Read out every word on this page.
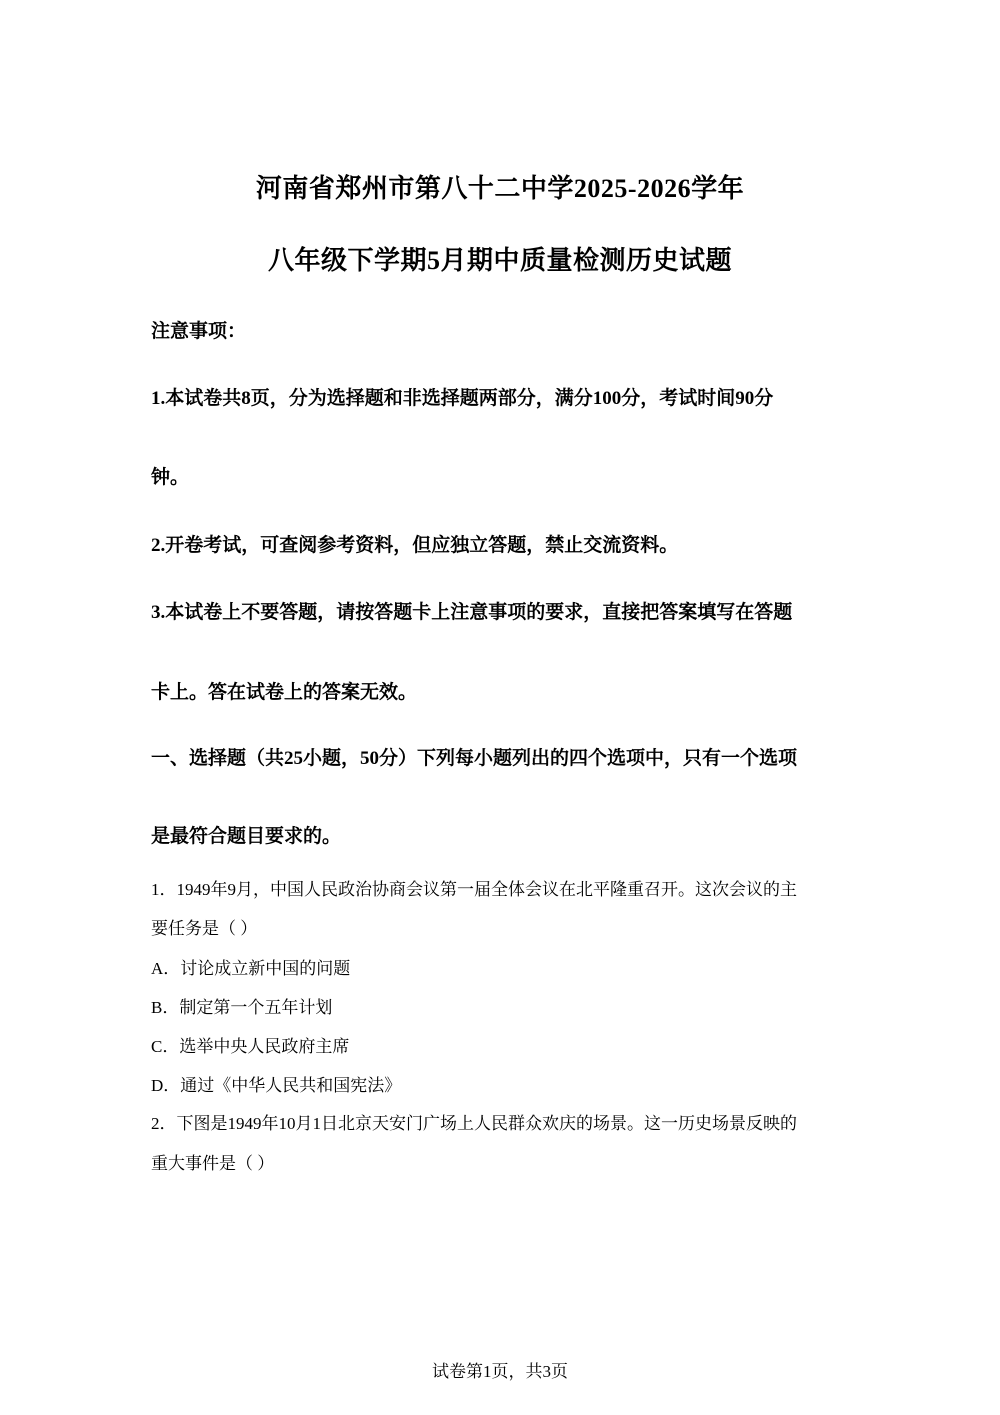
河南省郑州市第八十二中学2025-2026学年
八年级下学期5月期中质量检测历史试题
注意事项：
1.本试卷共8页，分为选择题和非选择题两部分，满分100分，考试时间90分
钟。
2.开卷考试，可查阅参考资料，但应独立答题，禁止交流资料。
3.本试卷上不要答题，请按答题卡上注意事项的要求，直接把答案填写在答题
卡上。答在试卷上的答案无效。
一、选择题（共25小题，50分）下列每小题列出的四个选项中，只有一个选项
是最符合题目要求的。
1．1949年9月，中国人民政治协商会议第一届全体会议在北平隆重召开。这次会议的主
要任务是（ ）
A．讨论成立新中国的问题
B．制定第一个五年计划
C．选举中央人民政府主席
D．通过《中华人民共和国宪法》
2．下图是1949年10月1日北京天安门广场上人民群众欢庆的场景。这一历史场景反映的
重大事件是（ ）
试卷第1页，共3页
